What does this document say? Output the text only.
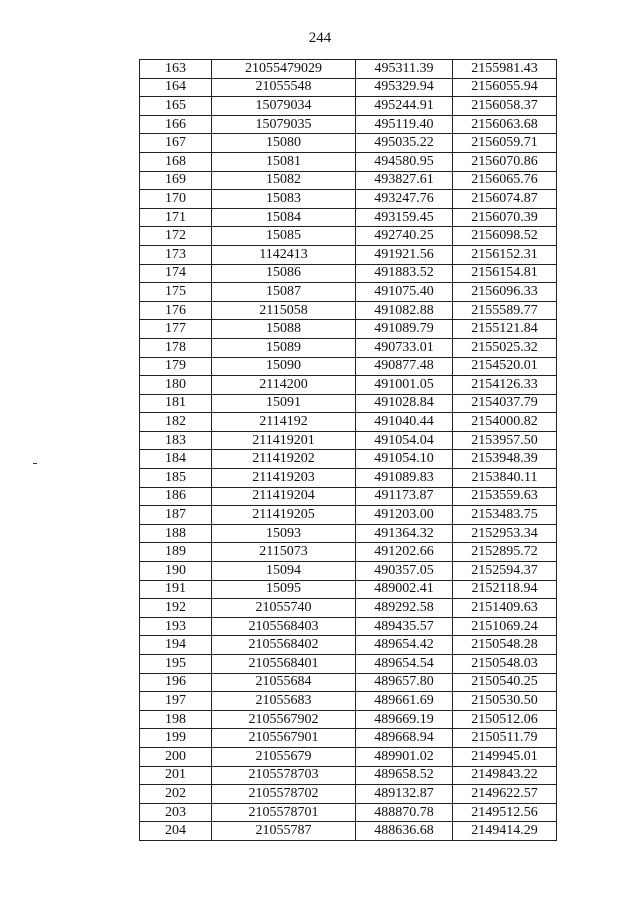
244
163	21055479029	495311.39	2155981.43
164	21055548	495329.94	2156055.94
165	15079034	495244.91	2156058.37
166	15079035	495119.40	2156063.68
167	15080	495035.22	2156059.71
168	15081	494580.95	2156070.86
169	15082	493827.61	2156065.76
170	15083	493247.76	2156074.87
171	15084	493159.45	2156070.39
172	15085	492740.25	2156098.52
173	1142413	491921.56	2156152.31
174	15086	491883.52	2156154.81
175	15087	491075.40	2156096.33
176	2115058	491082.88	2155589.77
177	15088	491089.79	2155121.84
178	15089	490733.01	2155025.32
179	15090	490877.48	2154520.01
180	2114200	491001.05	2154126.33
181	15091	491028.84	2154037.79
182	2114192	491040.44	2154000.82
183	211419201	491054.04	2153957.50
184	211419202	491054.10	2153948.39
185	211419203	491089.83	2153840.11
186	211419204	491173.87	2153559.63
187	211419205	491203.00	2153483.75
188	15093	491364.32	2152953.34
189	2115073	491202.66	2152895.72
190	15094	490357.05	2152594.37
191	15095	489002.41	2152118.94
192	21055740	489292.58	2151409.63
193	2105568403	489435.57	2151069.24
194	2105568402	489654.42	2150548.28
195	2105568401	489654.54	2150548.03
196	21055684	489657.80	2150540.25
197	21055683	489661.69	2150530.50
198	2105567902	489669.19	2150512.06
199	2105567901	489668.94	2150511.79
200	21055679	489901.02	2149945.01
201	2105578703	489658.52	2149843.22
202	2105578702	489132.87	2149622.57
203	2105578701	488870.78	2149512.56
204	21055787	488636.68	2149414.29
